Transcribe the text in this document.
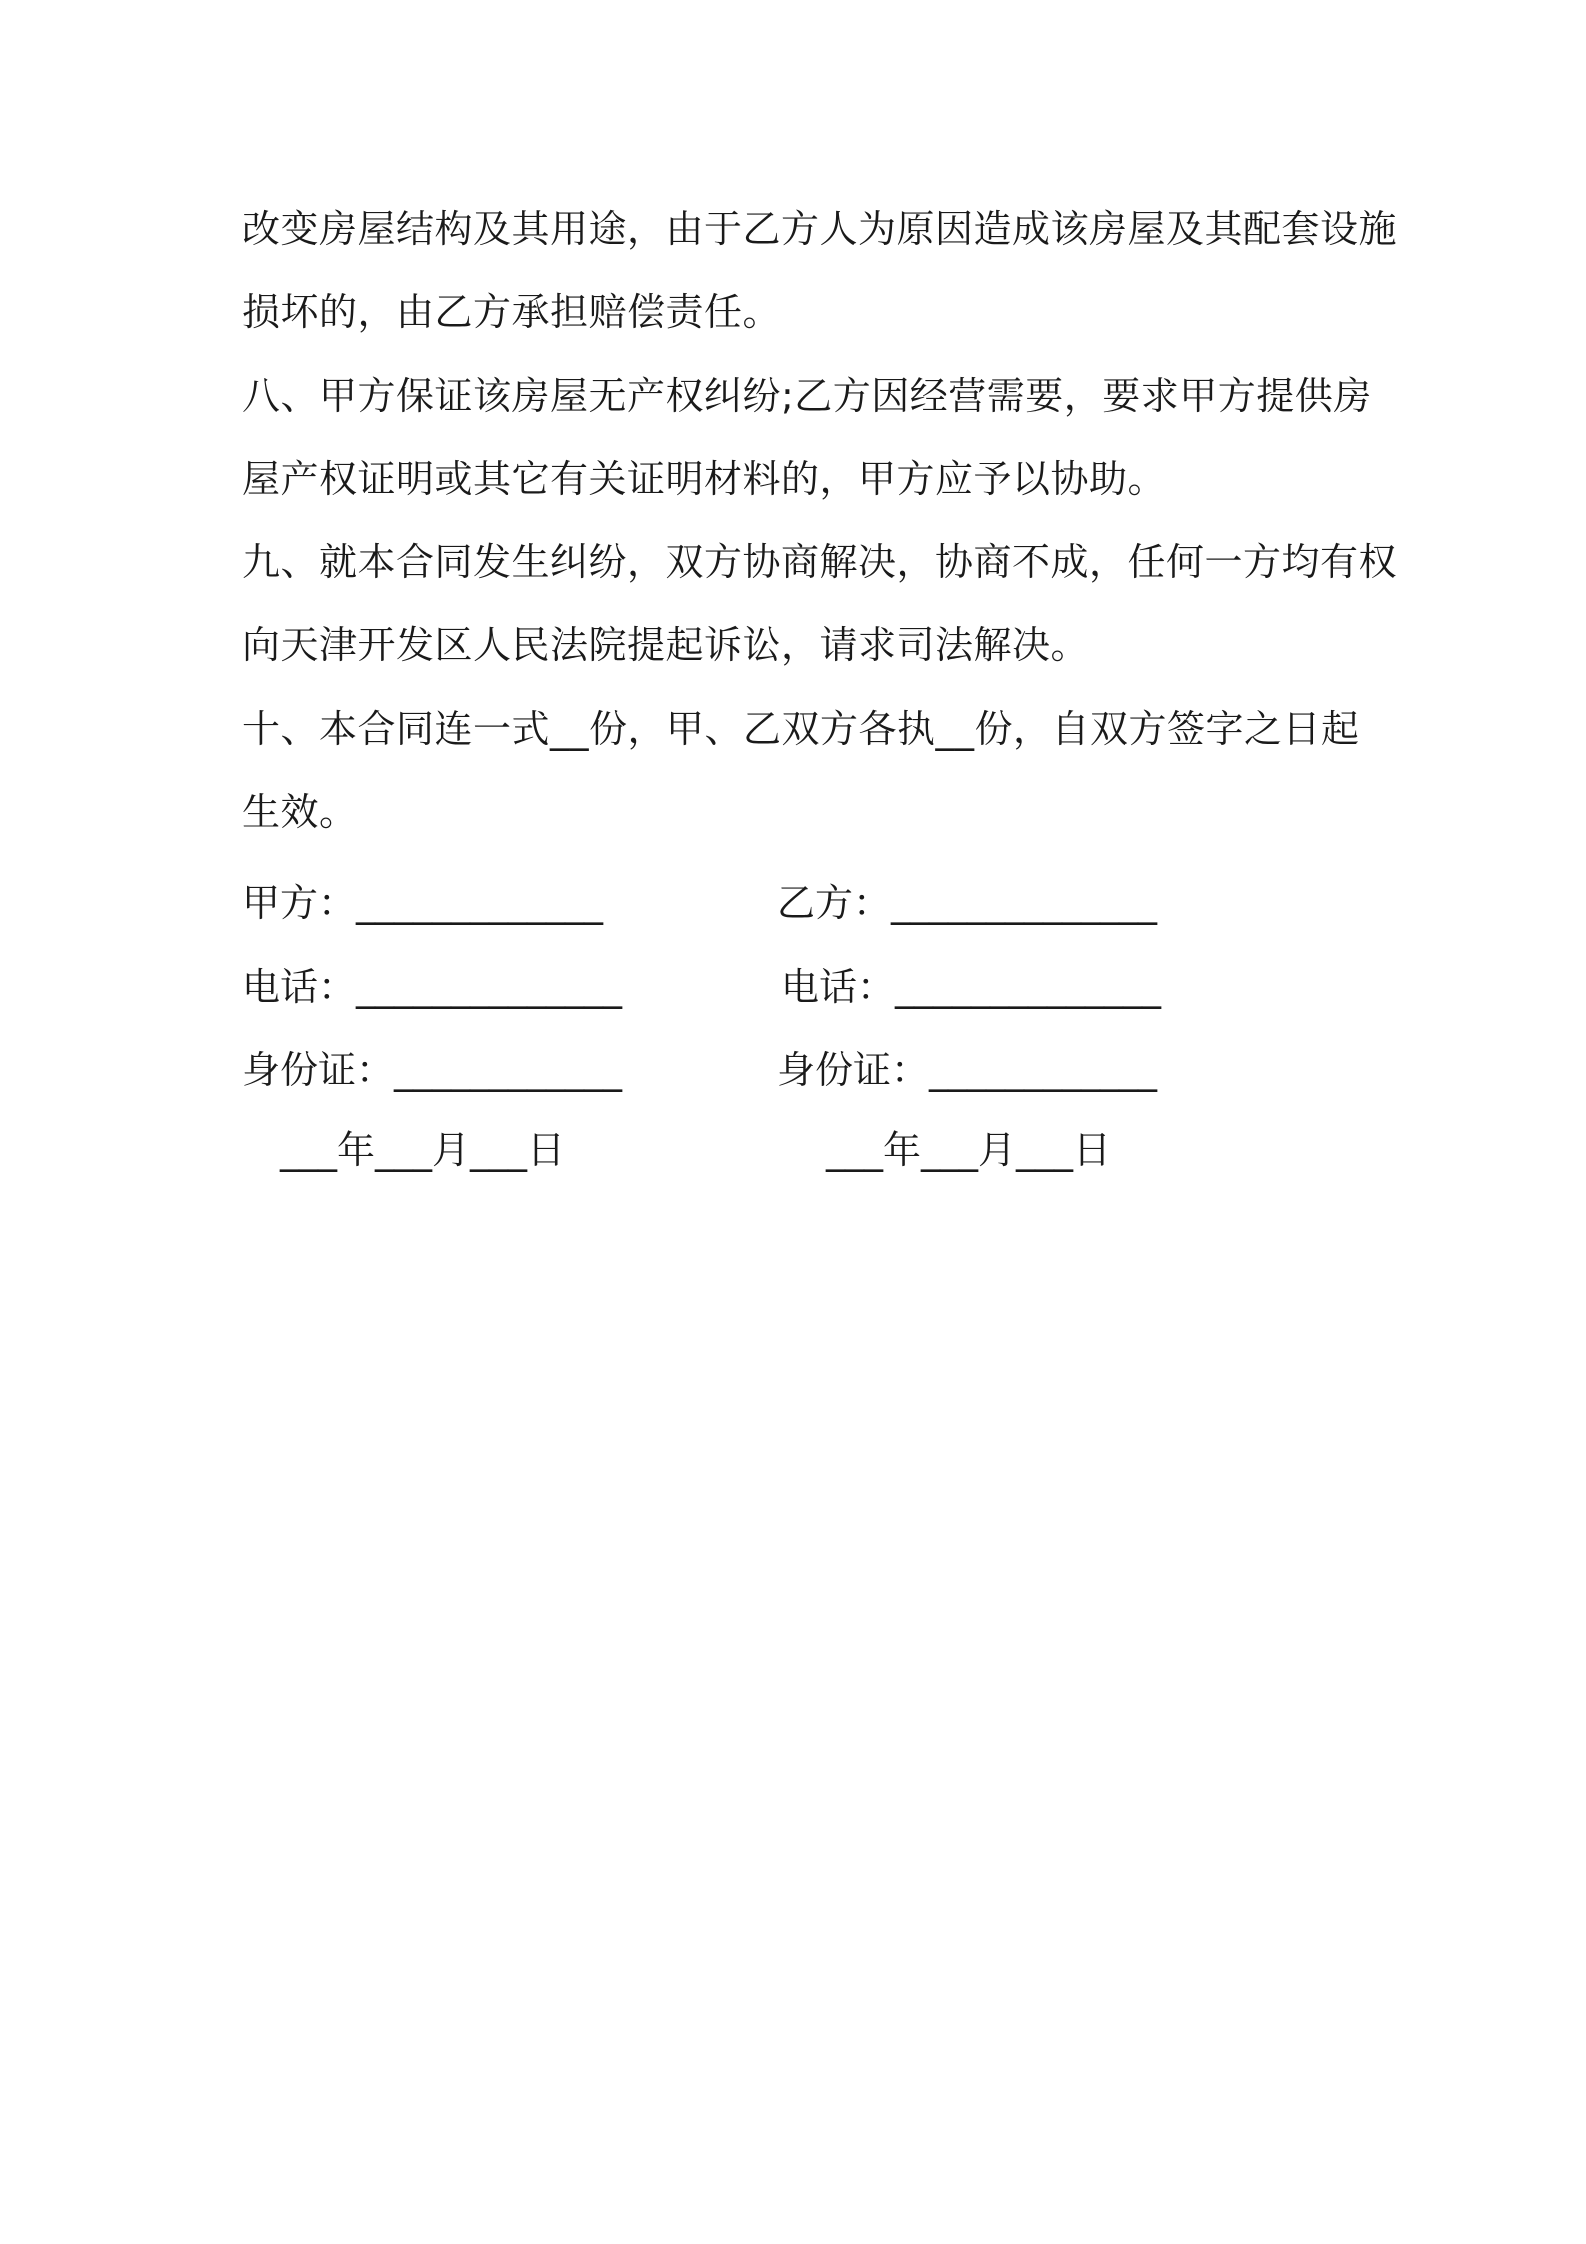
改变房屋结构及其用途，由于乙方人为原因造成该房屋及其配套设施
损坏的，由乙方承担赔偿责任。
八、甲方保证该房屋无产权纠纷;乙方因经营需要，要求甲方提供房
屋产权证明或其它有关证明材料的，甲方应予以协助。
九、就本合同发生纠纷，双方协商解决，协商不成，任何一方均有权
向天津开发区人民法院提起诉讼，请求司法解决。
十、本合同连一式__份，甲、乙双方各执__份，自双方签字之日起
生效。
甲方：_____________	乙方：______________
电话：______________	电话：______________
身份证：____________	身份证：____________
___年___月___日	___年___月___日
